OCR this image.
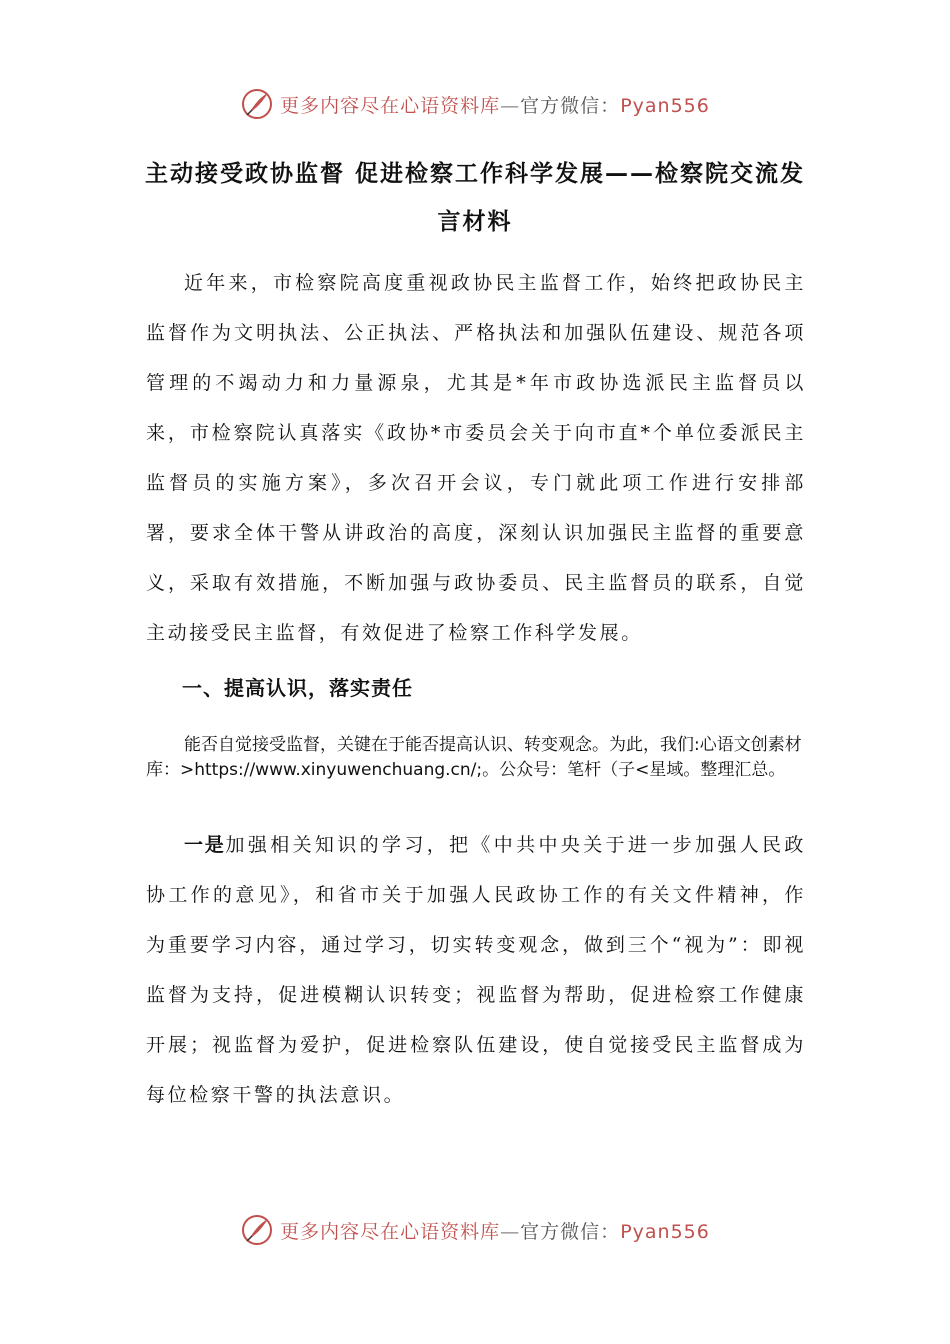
更多内容尽在心语资料库—官方微信：Pyan556
主动接受政协监督 促进检察工作科学发展——检察院交流发言材料

近年来，市检察院高度重视政协民主监督工作，始终把政协民主监督作为文明执法、公正执法、严格执法和加强队伍建设、规范各项管理的不竭动力和力量源泉，尤其是*年市政协选派民主监督员以来，市检察院认真落实《政协*市委员会关于向市直*个单位委派民主监督员的实施方案》，多次召开会议，专门就此项工作进行安排部署，要求全体干警从讲政治的高度，深刻认识加强民主监督的重要意义，采取有效措施，不断加强与政协委员、民主监督员的联系，自觉主动接受民主监督，有效促进了检察工作科学发展。

一、提高认识，落实责任

能否自觉接受监督，关键在于能否提高认识、转变观念。为此，我们:心语文创素材库：>https://www.xinyuwenchuang.cn/;。公众号：笔杆（子<星域。整理汇总。

一是加强相关知识的学习，把《中共中央关于进一步加强人民政协工作的意见》，和省市关于加强人民政协工作的有关文件精神，作为重要学习内容，通过学习，切实转变观念，做到三个“视为”：即视监督为支持，促进模糊认识转变；视监督为帮助，促进检察工作健康开展；视监督为爱护，促进检察队伍建设，使自觉接受民主监督成为每位检察干警的执法意识。

更多内容尽在心语资料库—官方微信：Pyan556
